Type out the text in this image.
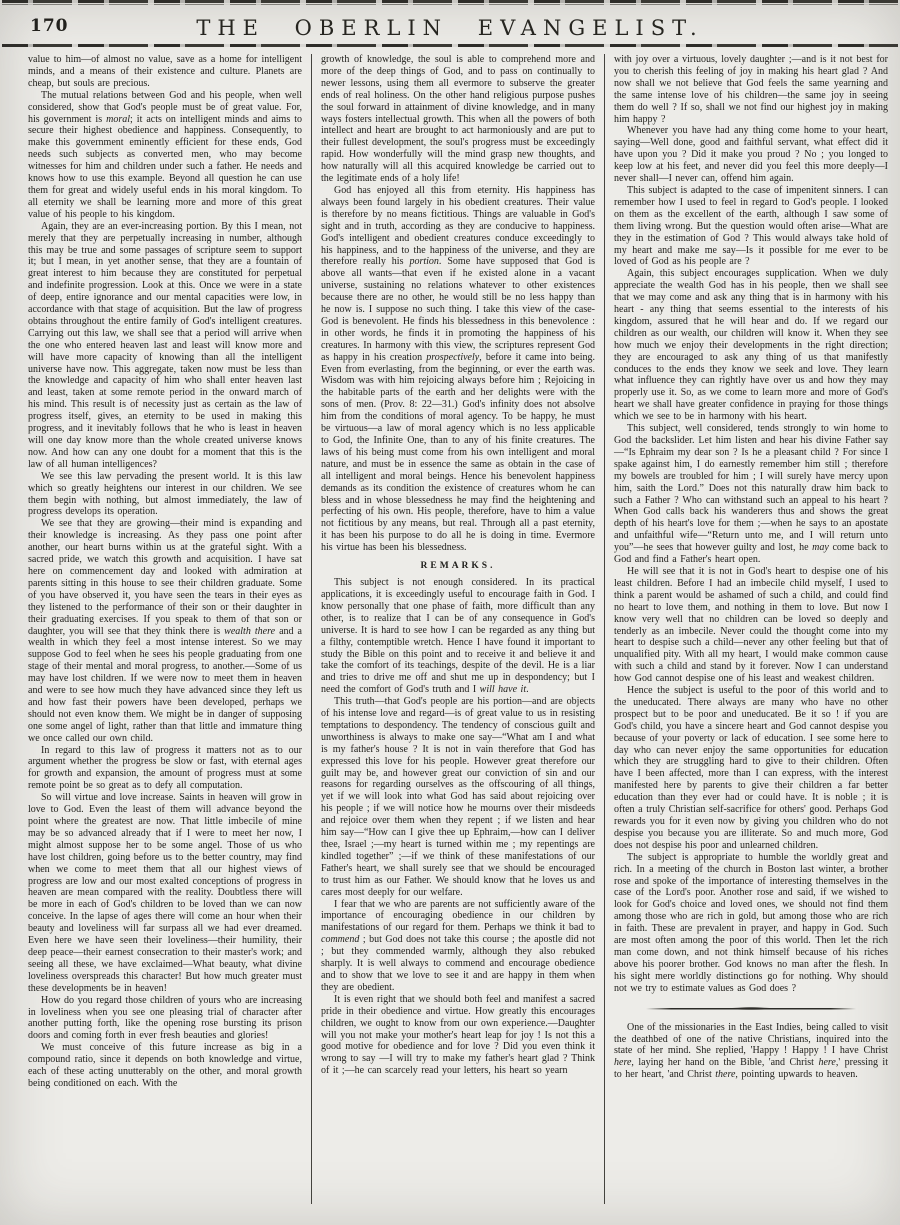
170	THE OBERLIN EVANGELIST.

value to him—of almost no value, save as a home for intelligent minds, and a means of their existence and culture. Planets are cheap, but souls are precious.

The mutual relations between God and his people, when well considered, show that God's people must be of great value. For, his government is moral; it acts on intelligent minds and aims to secure their highest obedience and happiness. Consequently, to make this government eminently efficient for these ends, God needs such subjects as converted men, who may become witnesses for him and children under such a father. He needs and knows how to use this example. Beyond all question he can use them for great and widely useful ends in his moral kingdom. To all eternity we shall be learning more and more of this great value of his people to his kingdom.

Again, they are an ever-increasing portion. By this I mean, not merely that they are perpetually increasing in number, although this may be true and some passages of scripture seem to support it; but I mean, in yet another sense, that they are a fountain of great interest to him because they are constituted for perpetual and indefinite progression. Look at this. Once we were in a state of deep, entire ignorance and our mental capacities were low, in accordance with that stage of acquisition. But the law of progress obtains throughout the entire family of God's intelligent creatures. Carrying out this law, we shall see that a period will arrive when the one who entered heaven last and least will know more and will have more capacity of knowing than all the intelligent universe have now. This aggregate, taken now must be less than the knowledge and capacity of him who shall enter heaven last and least, taken at some remote period in the onward march of his mind. This result is of necessity just as certain as the law of progress itself, gives, an eternity to be used in making this progress, and it inevitably follows that he who is least in heaven will one day know more than the whole created universe knows now. And how can any one doubt for a moment that this is the law of all human intelligences?

We see this law pervading the present world. It is this law which so greatly heightens our interest in our children. We see them begin with nothing, but almost immediately, the law of progress develops its operation.

We see that they are growing—their mind is expanding and their knowledge is increasing. As they pass one point after another, our heart burns within us at the grateful sight. With a sacred pride, we watch this growth and acquisition. I have sat here on commencement day and looked with admiration at parents sitting in this house to see their children graduate. Some of you have observed it, you have seen the tears in their eyes as they listened to the performance of their son or their daughter in their graduating exercises. If you speak to them of that son or daughter, you will see that they think there is wealth there and a wealth in which they feel a most intense interest. So we may suppose God to feel when he sees his people graduating from one stage of their mental and moral progress, to another.—Some of us may have lost children. If we were now to meet them in heaven and were to see how much they have advanced since they left us and how fast their powers have been developed, perhaps we should not even know them. We might be in danger of supposing one some angel of light, rather than that little and immature thing we once called our own child.

In regard to this law of progress it matters not as to our argument whether the progress be slow or fast, with eternal ages for growth and expansion, the amount of progress must at some remote point be so great as to defy all computation.

So will virtue and love increase. Saints in heaven will grow in love to God. Even the least of them will advance beyond the point where the greatest are now. That little imbecile of mine may be so advanced already that if I were to meet her now, I might almost suppose her to be some angel. Those of us who have lost children, going before us to the better country, may find when we come to meet them that all our highest views of progress are low and our most exalted conceptions of progress in heaven are mean compared with the reality. Doubtless there will be more in each of God's children to be loved than we can now conceive. In the lapse of ages there will come an hour when their beauty and loveliness will far surpass all we had ever dreamed. Even here we have seen their loveliness—their humility, their deep peace—their earnest consecration to their master's work; and seeing all these, we have exclaimed—What beauty, what divine loveliness overspreads this character! But how much greater must these developments be in heaven!

How do you regard those children of yours who are increasing in loveliness when you see one pleasing trial of character after another putting forth, like the opening rose bursting its prison doors and coming forth in ever fresh beauties and glories!

We must conceive of this future increase as big in a compound ratio, since it depends on both knowledge and virtue, each of these acting unutterably on the other, and moral growth being conditioned on each. With the

growth of knowledge, the soul is able to comprehend more and more of the deep things of God, and to pass on continually to newer lessons, using them all evermore to subserve the greater ends of real holiness. On the other hand religious purpose pushes the soul forward in attainment of divine knowledge, and in many ways fosters intellectual growth. This when all the powers of both intellect and heart are brought to act harmoniously and are put to their fullest development, the soul's progress must be exceedingly rapid. How wonderfully will the mind grasp new thoughts, and how naturally will all this acquired knowledge be carried out to the legitimate ends of a holy life!

God has enjoyed all this from eternity. His happiness has always been found largely in his obedient creatures. Their value is therefore by no means fictitious. Things are valuable in God's sight and in truth, according as they are conducive to happiness. God's intelligent and obedient creatures conduce exceedingly to his happiness, and to the happiness of the universe, and they are therefore really his portion. Some have supposed that God is above all wants—that even if he existed alone in a vacant universe, sustaining no relations whatever to other existences because there are no other, he would still be no less happy than he now is. I suppose no such thing. I take this view of the case- God is benevolent. He finds his blessedness in this benevolence : in other words, he finds it in promoting the happiness of his creatures. In harmony with this view, the scriptures represent God as happy in his creation prospectively, before it came into being. Even from everlasting, from the beginning, or ever the earth was. Wisdom was with him rejoicing always before him ; Rejoicing in the habitable parts of the earth and her delights were with the sons of men. (Prov. 8: 22—31.) God's infinity does not absolve him from the conditions of moral agency. To be happy, he must be virtuous—a law of moral agency which is no less applicable to God, the Infinite One, than to any of his finite creatures. The laws of his being must come from his own intelligent and moral nature, and must be in essence the same as obtain in the case of all intelligent and moral beings. Hence his benevolent happiness demands as its condition the existence of creatures whom he can bless and in whose blessedness he may find the heightening and perfecting of his own. His people, therefore, have to him a value not fictitious by any means, but real. Through all a past eternity, it has been his purpose to do all he is doing in time. Evermore his virtue has been his blessedness.

REMARKS.

This subject is not enough considered. In its practical applications, it is exceedingly useful to encourage faith in God. I know personally that one phase of faith, more difficult than any other, is to realize that I can be of any consequence in God's universe. It is hard to see how I can be regarded as any thing but a filthy, contemptible wretch. Hence I have found it important to study the Bible on this point and to receive it and believe it and take the comfort of its teachings, despite of the devil. He is a liar and tries to drive me off and shut me up in despondency; but I need the comfort of God's truth and I will have it.

This truth—that God's people are his portion—and are objects of his intense love and regard—is of great value to us in resisting temptations to despondency. The tendency of conscious guilt and unworthiness is always to make one say—“What am I and what is my father's house ? It is not in vain therefore that God has expressed this love for his people. However great therefore our guilt may be, and however great our conviction of sin and our reasons for regarding ourselves as the offscouring of all things, yet if we will look into what God has said about rejoicing over his people ; if we will notice how he mourns over their misdeeds and rejoice over them when they repent ; if we listen and hear him say—“How can I give thee up Ephraim,—how can I deliver thee, Israel ;—my heart is turned within me ; my repentings are kindled together” ;—if we think of these manifestations of our Father's heart, we shall surely see that we should be encouraged to trust him as our Father. We should know that he loves us and cares most deeply for our welfare.

I fear that we who are parents are not sufficiently aware of the importance of encouraging obedience in our children by manifestations of our regard for them. Perhaps we think it bad to commend ; but God does not take this course ; the apostle did not ; but they commended warmly, although they also rebuked sharply. It is well always to commend and encourage obedience and to show that we love to see it and are happy in them when they are obedient.

It is even right that we should both feel and manifest a sacred pride in their obedience and virtue. How greatly this encourages children, we ought to know from our own experience.—Daughter will you not make your mother's heart leap for joy ! Is not this a good motive for obedience and for love ? Did you even think it wrong to say —I will try to make my father's heart glad ? Think of it ;—he can scarcely read your letters, his heart so yearn

with joy over a virtuous, lovely daughter ;—and is it not best for you to cherish this feeling of joy in making his heart glad ? And now shall we not believe that God feels the same yearning and the same intense love of his children—the same joy in seeing them do well ? If so, shall we not find our highest joy in making him happy ?

Whenever you have had any thing come home to your heart, saying—Well done, good and faithful servant, what effect did it have upon you ? Did it make you proud ? No ; you longed to keep low at his feet, and never did you feel this more deeply—I never shall—I never can, offend him again.

This subject is adapted to the case of impenitent sinners. I can remember how I used to feel in regard to God's people. I looked on them as the excellent of the earth, although I saw some of them living wrong. But the question would often arise—What are they in the estimation of God ? This would always take hold of my heart and make me say—Is it possible for me ever to be loved of God as his people are ?

Again, this subject encourages supplication. When we duly appreciate the wealth God has in his people, then we shall see that we may come and ask any thing that is in harmony with his heart - any thing that seems essential to the interests of his kingdom, assured that he will hear and do. If we regard our children as our wealth, our children will know it. When they see how much we enjoy their developments in the right direction; they are encouraged to ask any thing of us that manifestly conduces to the ends they know we seek and love. They learn what influence they can rightly have over us and how they may properly use it. So, as we come to learn more and more of God's heart we shall have greater confidence in praying for those things which we see to be in harmony with his heart.

This subject, well considered, tends strongly to win home to God the backslider. Let him listen and hear his divine Father say—“Is Ephraim my dear son ? Is he a pleasant child ? For since I spake against him, I do earnestly remember him still ; therefore my bowels are troubled for him ; I will surely have mercy upon him, saith the Lord.” Does not this naturally draw him back to such a Father ? Who can withstand such an appeal to his heart ? When God calls back his wanderers thus and shows the great depth of his heart's love for them ;—when he says to an apostate and unfaithful wife—“Return unto me, and I will return unto you”—he sees that however guilty and lost, he may come back to God and find a Father's heart open.

He will see that it is not in God's heart to despise one of his least children. Before I had an imbecile child myself, I used to think a parent would be ashamed of such a child, and could find no heart to love them, and nothing in them to love. But now I know very well that no children can be loved so deeply and tenderly as an imbecile. Never could the thought come into my heart to despise such a child—never any other feeling but that of unqualified pity. With all my heart, I would make common cause with such a child and stand by it forever. Now I can understand how God cannot despise one of his least and weakest children.

Hence the subject is useful to the poor of this world and to the uneducated. There always are many who have no other prospect but to be poor and uneducated. Be it so ! if you are God's child, you have a sincere heart and God cannot despise you because of your poverty or lack of education. I see some here to day who can never enjoy the same opportunities for education which they are struggling hard to give to their children. Often have I been affected, more than I can express, with the interest manifested here by parents to give their children a far better education than they ever had or could have. It is noble ; it is often a truly Christian self-sacrifice for others' good. Perhaps God rewards you for it even now by giving you children who do not despise you because you are illiterate. So and much more, God does not despise his poor and unlearned children.

The subject is appropriate to humble the worldly great and rich. In a meeting of the church in Boston last winter, a brother rose and spoke of the importance of interesting themselves in the case of the Lord's poor. Another rose and said, if we wished to look for God's choice and loved ones, we should not find them among those who are rich in gold, but among those who are rich in faith. These are prevalent in prayer, and happy in God. Such are most often among the poor of this world. Then let the rich man come down, and not think himself because of his riches above his poorer brother. God knows no man after the flesh. In his sight mere worldly distinctions go for nothing. Why should not we try to estimate values as God does ?

One of the missionaries in the East Indies, being called to visit the deathbed of one of the native Christians, inquired into the state of her mind. She replied, 'Happy ! Happy ! I have Christ here, laying her hand on the Bible, 'and Christ here,' pressing it to her heart, 'and Christ there, pointing upwards to heaven.
